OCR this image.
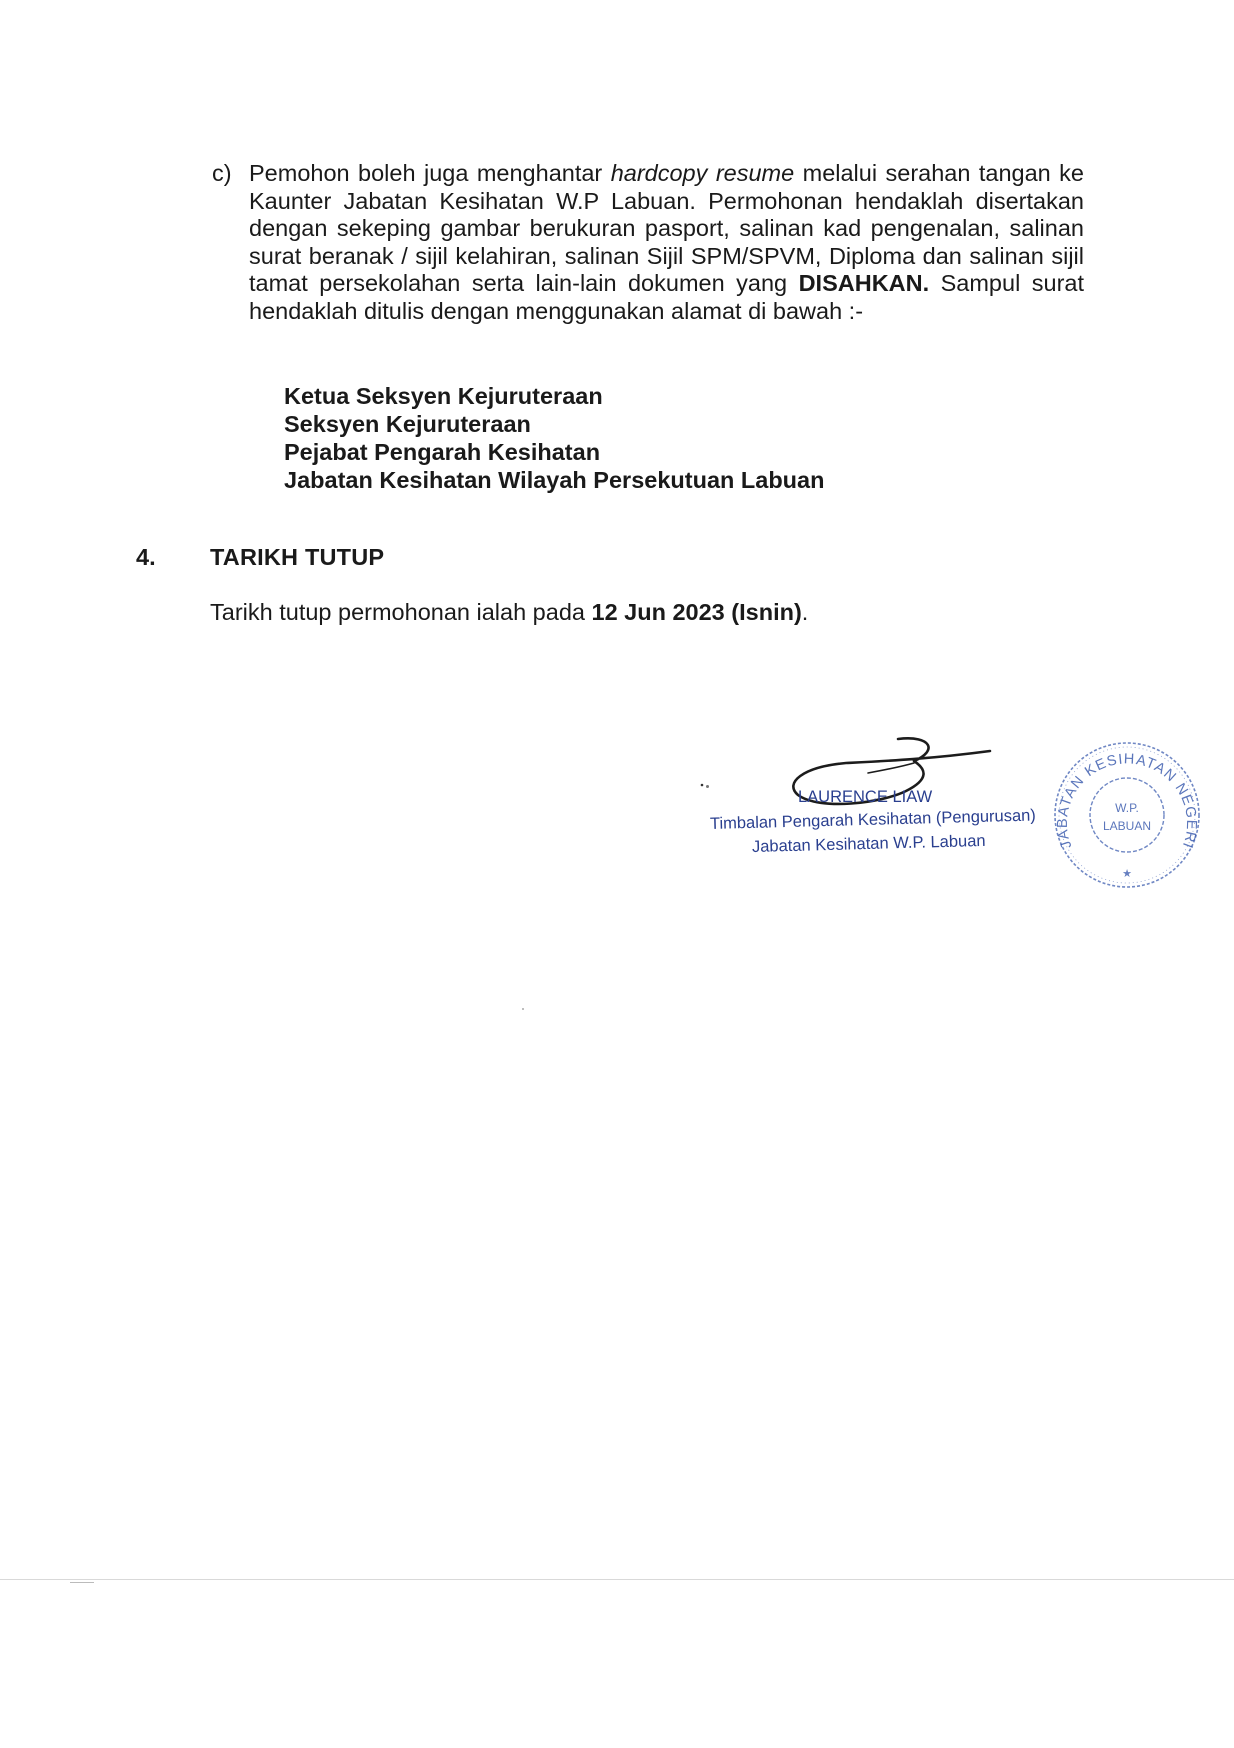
c) Pemohon boleh juga menghantar hardcopy resume melalui serahan tangan ke Kaunter Jabatan Kesihatan W.P Labuan. Permohonan hendaklah disertakan dengan sekeping gambar berukuran pasport, salinan kad pengenalan, salinan surat beranak / sijil kelahiran, salinan Sijil SPM/SPVM, Diploma dan salinan sijil tamat persekolahan serta lain-lain dokumen yang DISAHKAN. Sampul surat hendaklah ditulis dengan menggunakan alamat di bawah :-
Ketua Seksyen Kejuruteraan
Seksyen Kejuruteraan
Pejabat Pengarah Kesihatan
Jabatan Kesihatan Wilayah Persekutuan Labuan
4. TARIKH TUTUP
Tarikh tutup permohonan ialah pada 12 Jun 2023 (Isnin).
LAURENCE LIAW
Timbalan Pengarah Kesihatan (Pengurusan)
Jabatan Kesihatan W.P. Labuan	JABATAN KESIHATAN NEGERI
W.P.
LABUAN
★
